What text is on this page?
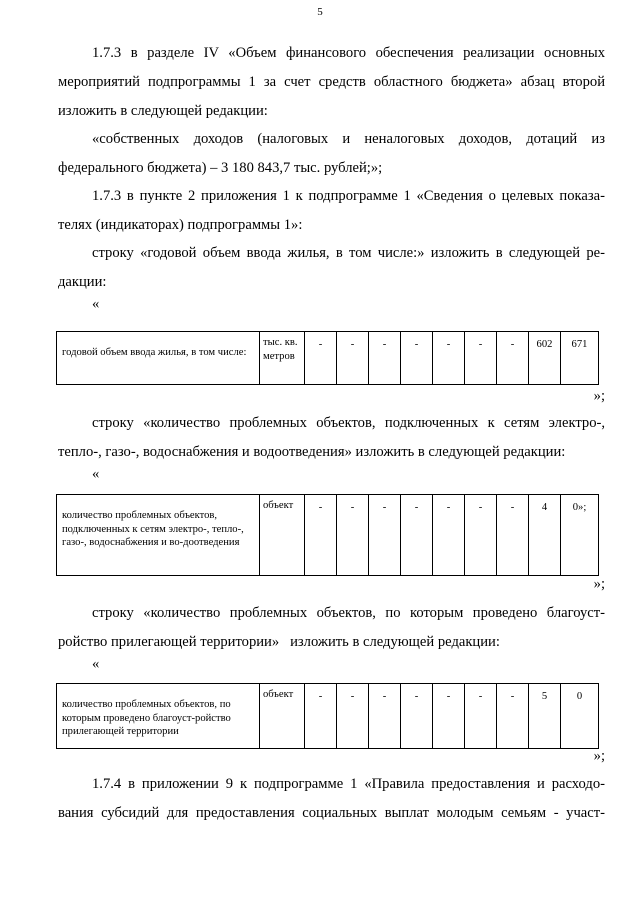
5
1.7.3 в разделе IV «Объем финансового обеспечения реализации основных
мероприятий подпрограммы 1 за счет средств областного бюджета» абзац второй
изложить в следующей редакции:
«собственных доходов (налоговых и неналоговых доходов, дотаций из
федерального бюджета) – 3 180 843,7 тыс. рублей;»;
1.7.3 в пункте 2 приложения 1 к подпрограмме 1 «Сведения о целевых показа-
телях (индикаторах) подпрограммы 1»:
строку «годовой объем ввода жилья, в том числе:» изложить в следующей ре-
дакции:
«
годовой объем ввода жилья, в том числе:	тыс. кв. метров	-	-	-	-	-	-	-	602	671
»;
строку «количество проблемных объектов, подключенных к сетям электро-,
тепло-, газо-, водоснабжения и водоотведения» изложить в следующей редакции:
«
количество проблемных объектов, подключенных к сетям электро-, тепло-, газо-, водоснабжения и во-доотведения	объект	-	-	-	-	-	-	-	4	0»;
»;
строку «количество проблемных объектов, по которым проведено благоуст-
ройство прилегающей территории»   изложить в следующей редакции:
«
количество проблемных объектов, по которым проведено благоуст-ройство прилегающей территории	объект	-	-	-	-	-	-	-	5	0
»;
1.7.4 в приложении 9 к подпрограмме 1 «Правила предоставления и расходо-
вания субсидий для предоставления социальных выплат молодым семьям - участ-
